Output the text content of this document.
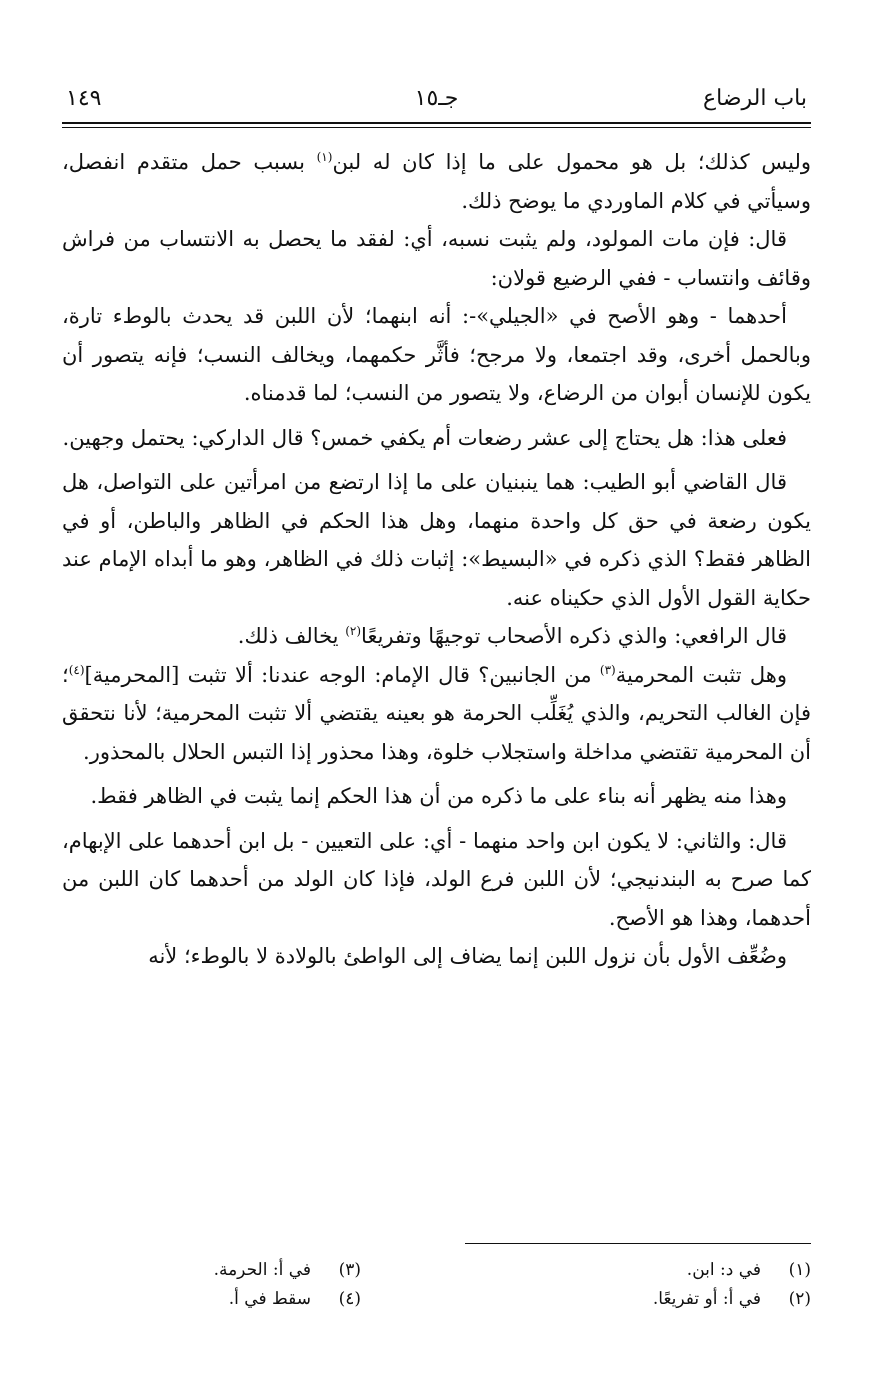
باب الرضاع
جـ١٥
١٤٩

وليس كذلك؛ بل هو محمول على ما إذا كان له لبن$^{(١)}$ بسبب حمل متقدم انفصل، وسيأتي في كلام الماوردي ما يوضح ذلك.

قال: فإن مات المولود، ولم يثبت نسبه، أي: لفقد ما يحصل به الانتساب من فراش وقائف وانتساب - ففي الرضيع قولان:

أحدهما - وهو الأصح في «الجيلي»-: أنه ابنهما؛ لأن اللبن قد يحدث بالوطء تارة، وبالحمل أخرى، وقد اجتمعا، ولا مرجح؛ فأثَّر حكمهما، ويخالف النسب؛ فإنه يتصور أن يكون للإنسان أبوان من الرضاع، ولا يتصور من النسب؛ لما قدمناه.

فعلى هذا: هل يحتاج إلى عشر رضعات أم يكفي خمس؟ قال الداركي: يحتمل وجهين.

قال القاضي أبو الطيب: هما ينبنيان على ما إذا ارتضع من امرأتين على التواصل، هل يكون رضعة في حق كل واحدة منهما، وهل هذا الحكم في الظاهر والباطن، أو في الظاهر فقط؟ الذي ذكره في «البسيط»: إثبات ذلك في الظاهر، وهو ما أبداه الإمام عند حكاية القول الأول الذي حكيناه عنه.

قال الرافعي: والذي ذكره الأصحاب توجيهًا وتفريعًا$^{(٢)}$ يخالف ذلك.

وهل تثبت المحرمية$^{(٣)}$ من الجانبين؟ قال الإمام: الوجه عندنا: ألا تثبت [المحرمية]$^{(٤)}$؛ فإن الغالب التحريم، والذي يُغَلِّب الحرمة هو بعينه يقتضي ألا تثبت المحرمية؛ لأنا نتحقق أن المحرمية تقتضي مداخلة واستجلاب خلوة، وهذا محذور إذا التبس الحلال بالمحذور.

وهذا منه يظهر أنه بناء على ما ذكره من أن هذا الحكم إنما يثبت في الظاهر فقط.

قال: والثاني: لا يكون ابن واحد منهما - أي: على التعيين - بل ابن أحدهما على الإبهام، كما صرح به البندنيجي؛ لأن اللبن فرع الولد، فإذا كان الولد من أحدهما كان اللبن من أحدهما، وهذا هو الأصح.

وضُعِّف الأول بأن نزول اللبن إنما يضاف إلى الواطئ بالولادة لا بالوطء؛ لأنه

(١)في د: ابن.
(٢)في أ: أو تفريعًا.
(٣)في أ: الحرمة.
(٤)سقط في أ.
